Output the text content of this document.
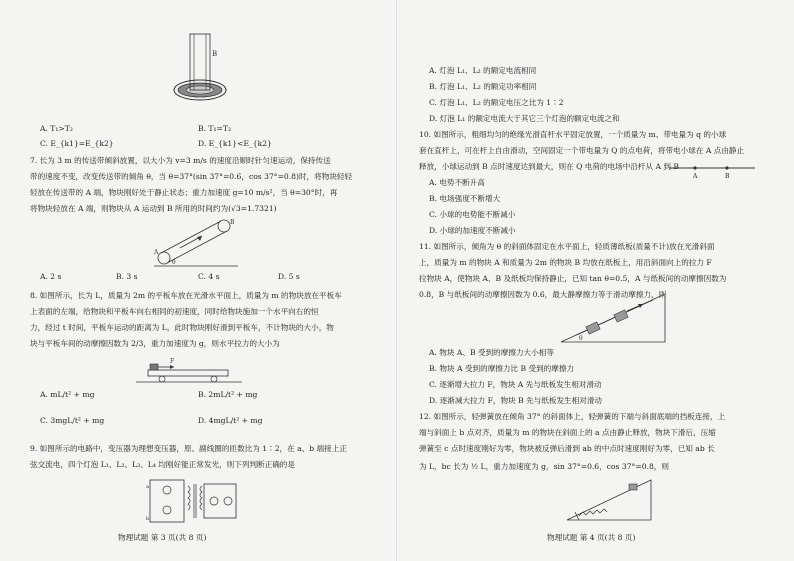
B
A. T₁>T₂	B. T₁=T₂
C. E_{k1}=E_{k2}	D. E_{k1}<E_{k2}
7. 长为 3 m 的传送带倾斜放置，以大小为 v=3 m/s 的速度沿顺时针匀速运动，保持传送
带的速度不变，改变传送带的倾角 θ，当 θ=37°(sin 37°=0.6，cos 37°=0.8)时，将物块轻轻
轻放在传送带的 A 端，物块刚好处于静止状态；重力加速度 g=10 m/s²，当 θ=30°时，再
将物块轻放在 A 端，则物块从 A 运动到 B 所用的时间约为(√3=1.7321)
A
B
θ
A. 2 s	B. 3 s	C. 4 s	D. 5 s
8. 如图所示，长为 L，质量为 2m 的平板车放在光滑水平面上，质量为 m 的物块放在平板车
上表面的左端，给物块和平板车向右相同的初速度，同时给物块施加一个水平向右的恒
力，经过 t 时间，平板车运动的距离为 L，此时物块刚好滑到平板车，不计物块的大小，物
块与平板车间的动摩擦因数为 2/3，重力加速度为 g，则水平拉力的大小为
F
A. mL/t² + mg	B. 2mL/t² + mg
C. 3mgL/t² + mg	D. 4mgL/t² + mg
9. 如图所示的电路中，变压器为理想变压器，原、副线圈的匝数比为 1∶2，在 a、b 端接上正
弦交流电，四个灯泡 L₁、L₂、L₃、L₄ 均刚好能正常发光，则下列判断正确的是
a
b
物理试题 第 3 页(共 8 页)
A. 灯泡 L₁、L₂ 的额定电流相同
B. 灯泡 L₁、L₂ 的额定功率相同
C. 灯泡 L₁、L₂ 的额定电压之比为 1∶2
D. 灯泡 L₁ 的额定电流大于其它三个灯泡的额定电流之和
10. 如图所示，粗细均匀的绝缘光滑直杆水平固定放置，一个质量为 m、带电量为 q 的小球
套在直杆上，可在杆上自由滑动，空间固定一个带电量为 Q 的点电荷，将带电小球在 A 点由静止
释放，小球运动到 B 点时速度达到最大，则在 Q 电荷的电场中沿杆从 A 到 B
A	B
A. 电势不断升高
B. 电场强度不断增大
C. 小球的电势能不断减小
D. 小球的加速度不断减小
11. 如图所示，倾角为 θ 的斜面体固定在水平面上，轻质薄纸板(质量不计)放在光滑斜面
上，质量为 m 的物块 A 和质量为 2m 的物块 B 均放在纸板上，用沿斜面向上的拉力 F
拉物块 A，使物块 A、B 及纸板均保持静止，已知 tan θ=0.5，A 与纸板间的动摩擦因数为
0.8，B 与纸板间的动摩擦因数为 0.6，最大静摩擦力等于滑动摩擦力，则
θ
A. 物块 A、B 受到的摩擦力大小相等
B. 物块 A 受到的摩擦力比 B 受到的摩擦力
C. 逐渐增大拉力 F，物块 A 先与纸板发生相对滑动
D. 逐渐减大拉力 F，物块 B 先与纸板发生相对滑动
12. 如图所示，轻弹簧放在倾角 37° 的斜面体上，轻弹簧的下端与斜面底端的挡板连接，上
端与斜面上 b 点对齐，质量为 m 的物块在斜面上的 a 点由静止释放，物块下滑后，压缩
弹簧至 c 点时速度刚好为零，物块被反弹后滑到 ab 的中点时速度刚好为零，已知 ab 长
为 L，bc 长为 ½ L，重力加速度为 g，sin 37°=0.6，cos 37°=0.8，则
物理试题 第 4 页(共 8 页)
